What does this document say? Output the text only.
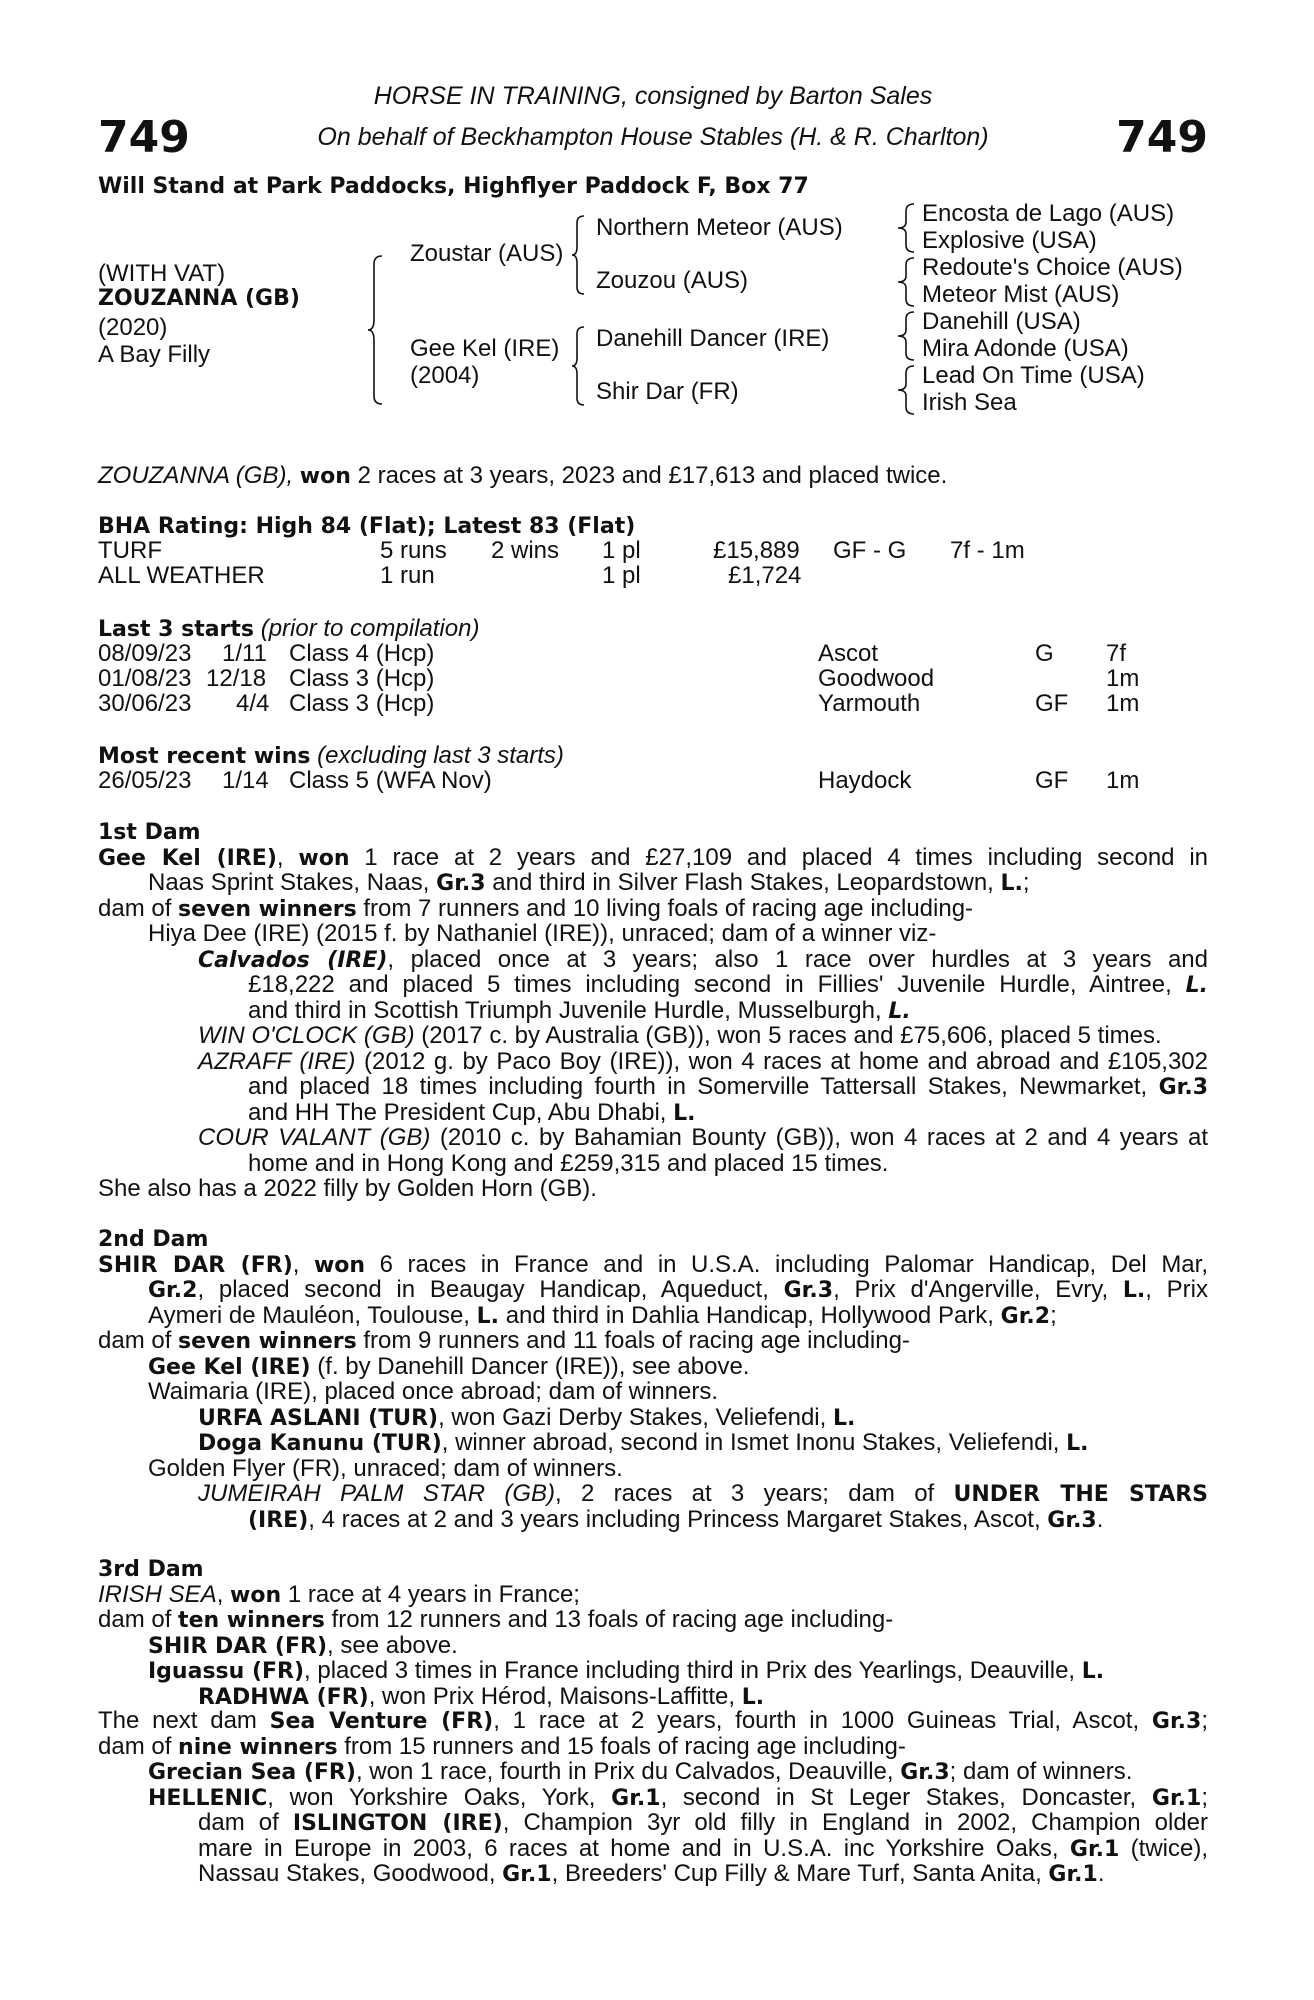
749	749
HORSE IN TRAINING, consigned by Barton Sales
On behalf of Beckhampton House Stables (H. & R. Charlton)
Will Stand at Park Paddocks, Highflyer Paddock F, Box 77
(WITH VAT)
ZOUZANNA (GB)
(2020)
A Bay Filly
Zoustar (AUS)
Gee Kel (IRE)
(2004)
Northern Meteor (AUS)
Zouzou (AUS)
Danehill Dancer (IRE)
Shir Dar (FR)
Encosta de Lago (AUS)
Explosive (USA)
Redoute's Choice (AUS)
Meteor Mist (AUS)
Danehill (USA)
Mira Adonde (USA)
Lead On Time (USA)
Irish Sea
ZOUZANNA (GB), won 2 races at 3 years, 2023 and £17,613 and placed twice.
BHA Rating: High 84 (Flat); Latest 83 (Flat)
TURF	5 runs 2 wins 1 pl	£15,889 GF - G 7f - 1m
ALL WEATHER	1 run	1 pl	£1,724
Last 3 starts (prior to compilation)
08/09/23 1/11 Class 4 (Hcp)	Ascot	G 7f
01/08/23 12/18 Class 3 (Hcp)	Goodwood	1m
30/06/23 4/4 Class 3 (Hcp)	Yarmouth	GF 1m
Most recent wins (excluding last 3 starts)
26/05/23 1/14 Class 5 (WFA Nov)	Haydock	GF 1m
1st Dam
Gee Kel (IRE), won 1 race at 2 years and £27,109 and placed 4 times including second in
Naas Sprint Stakes, Naas, Gr.3 and third in Silver Flash Stakes, Leopardstown, L.;
dam of seven winners from 7 runners and 10 living foals of racing age including-
Hiya Dee (IRE) (2015 f. by Nathaniel (IRE)), unraced; dam of a winner viz-
Calvados (IRE), placed once at 3 years; also 1 race over hurdles at 3 years and
£18,222 and placed 5 times including second in Fillies' Juvenile Hurdle, Aintree, L.
and third in Scottish Triumph Juvenile Hurdle, Musselburgh, L.
WIN O'CLOCK (GB) (2017 c. by Australia (GB)), won 5 races and £75,606, placed 5 times.
AZRAFF (IRE) (2012 g. by Paco Boy (IRE)), won 4 races at home and abroad and £105,302
and placed 18 times including fourth in Somerville Tattersall Stakes, Newmarket, Gr.3
and HH The President Cup, Abu Dhabi, L.
COUR VALANT (GB) (2010 c. by Bahamian Bounty (GB)), won 4 races at 2 and 4 years at
home and in Hong Kong and £259,315 and placed 15 times.
She also has a 2022 filly by Golden Horn (GB).
2nd Dam
SHIR DAR (FR), won 6 races in France and in U.S.A. including Palomar Handicap, Del Mar,
Gr.2, placed second in Beaugay Handicap, Aqueduct, Gr.3, Prix d'Angerville, Evry, L., Prix
Aymeri de Mauléon, Toulouse, L. and third in Dahlia Handicap, Hollywood Park, Gr.2;
dam of seven winners from 9 runners and 11 foals of racing age including-
Gee Kel (IRE) (f. by Danehill Dancer (IRE)), see above.
Waimaria (IRE), placed once abroad; dam of winners.
URFA ASLANI (TUR), won Gazi Derby Stakes, Veliefendi, L.
Doga Kanunu (TUR), winner abroad, second in Ismet Inonu Stakes, Veliefendi, L.
Golden Flyer (FR), unraced; dam of winners.
JUMEIRAH PALM STAR (GB), 2 races at 3 years; dam of UNDER THE STARS
(IRE), 4 races at 2 and 3 years including Princess Margaret Stakes, Ascot, Gr.3.
3rd Dam
IRISH SEA, won 1 race at 4 years in France;
dam of ten winners from 12 runners and 13 foals of racing age including-
SHIR DAR (FR), see above.
Iguassu (FR), placed 3 times in France including third in Prix des Yearlings, Deauville, L.
RADHWA (FR), won Prix Hérod, Maisons-Laffitte, L.
The next dam Sea Venture (FR), 1 race at 2 years, fourth in 1000 Guineas Trial, Ascot, Gr.3;
dam of nine winners from 15 runners and 15 foals of racing age including-
Grecian Sea (FR), won 1 race, fourth in Prix du Calvados, Deauville, Gr.3; dam of winners.
HELLENIC, won Yorkshire Oaks, York, Gr.1, second in St Leger Stakes, Doncaster, Gr.1;
dam of ISLINGTON (IRE), Champion 3yr old filly in England in 2002, Champion older
mare in Europe in 2003, 6 races at home and in U.S.A. inc Yorkshire Oaks, Gr.1 (twice),
Nassau Stakes, Goodwood, Gr.1, Breeders' Cup Filly & Mare Turf, Santa Anita, Gr.1.
